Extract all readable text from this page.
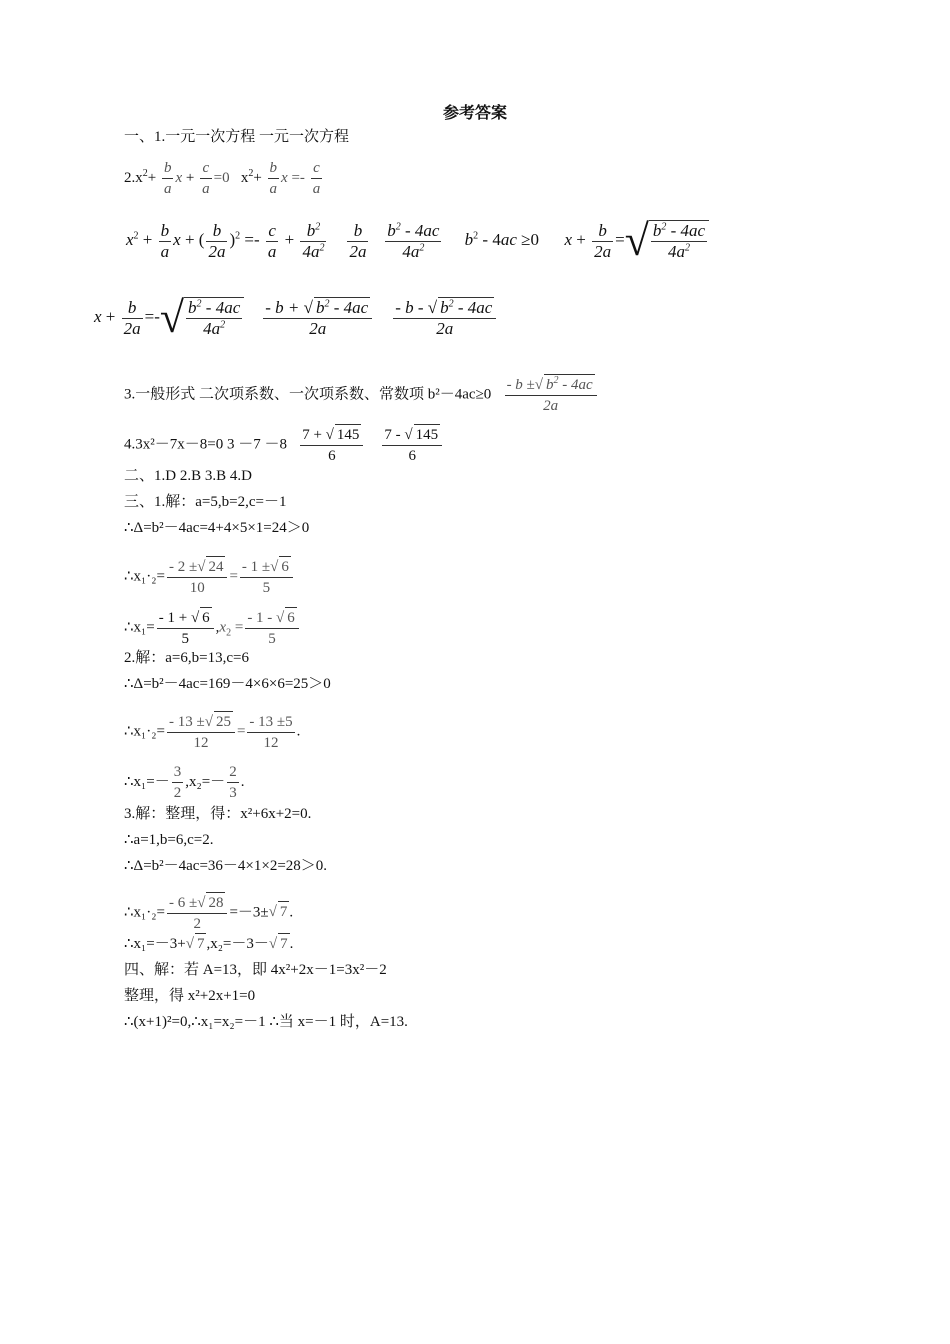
参考答案
一、1.一元一次方程 一元一次方程
$2.x^2+ \frac{b}{a}$ $x + \frac{c}{a} =0$ $x^2+ \frac{b}{a}$ $x =- \frac{c}{a}$
$x^2 + \frac{b}{a}$ x + ( $\frac{b}{2a} )^2 =- \frac{c}{a} + \frac{b^2}{4a^2}$
$\frac{b}{2a}$
$\frac{b^2 - 4ac}{4a^2} b^2 - 4ac \ge 0$      $x + \frac{b}{2a}$ =√ $\frac{b^2 - 4ac}{4a^2}$
$x + \frac{b}{2a}$ =-√ $\frac{b^2 - 4ac}{4a^2}$
$\frac{- b + √ b^2 - 4ac}{2a}$
$\frac{- b - √ b^2 - 4ac}{2a}$
3.一般形式 二次项系数、一次项系数、常数项 $b^2-4ac\ge 0 \frac{- b \pm√ b^2 - 4ac}{2a}$
4.3x²－7x－8=0 $3 -7 -8 \frac{7 + √ 145}{6}$
$\frac{7 - √ 145}{6}$
二、1.D 2.B 3.B 4.D
三、1.解：a=5,b=2,c=－1
∴Δ=b²－4ac=4+4×5×1=24＞0
∴x₁·₂= $\frac{- 2 \pm√ 24}{10} = \frac{- 1 \pm√ 6}{5}$
∴x₁= $\frac{- 1 + √ 6}{5} ,x_2 = \frac{- 1 - √ 6}{5}$
2.解：a=6,b=13,c=6
∴Δ=b²－4ac=169－4×6×6=25＞0
∴x₁·₂= $\frac{- 13 \pm√ 25}{12} = \frac{- 13 \pm 5}{12}$ .
∴x₁=－ $\frac{3}{2} ,x_2=- \frac{2}{3}$ .
3.解：整理，得：x²+6x+2=0.
∴a=1,b=6,c=2.
∴Δ=b²－4ac=36－4×1×2=28＞0.
∴x₁·₂= $\frac{- 6 \pm√ 28}{2} =-3\pm√$ 7 .
∴x₁=－3+√ 7 ,x₂=－3－√ 7 .
四、解：若 A=13，即 4x²+2x－1=3x²－2
整理，得 x²+2x+1=0
∴(x+1)²=0,∴x₁=x₂=－1 ∴当 x=－1 时，A=13.
